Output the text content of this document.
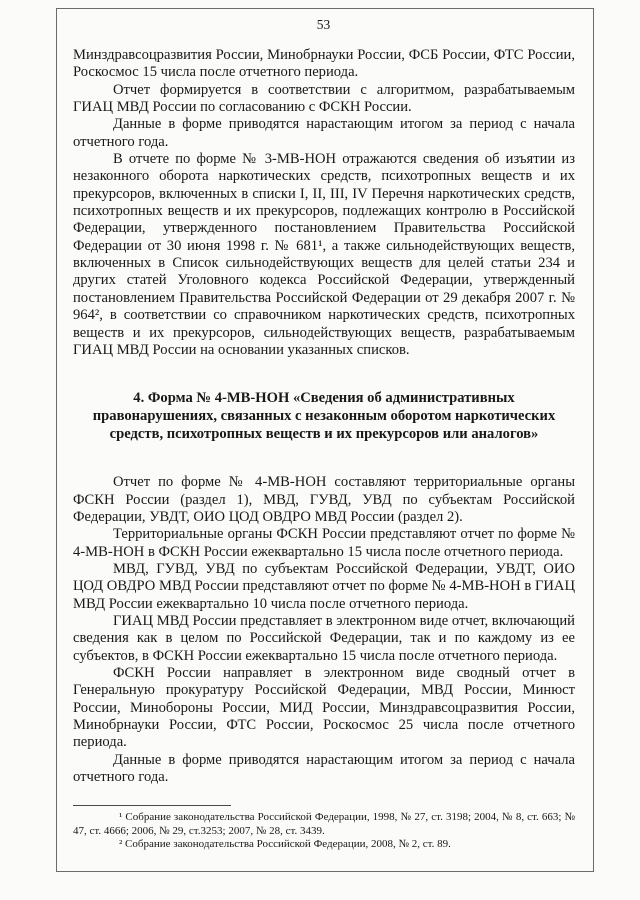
53

Минздравсоцразвития России, Минобрнауки России, ФСБ России, ФТС России, Роскосмос 15 числа после отчетного периода.

Отчет формируется в соответствии с алгоритмом, разрабатываемым ГИАЦ МВД России по согласованию с ФСКН России.

Данные в форме приводятся нарастающим итогом за период с начала отчетного года.

В отчете по форме № 3-МВ-НОН отражаются сведения об изъятии из незаконного оборота наркотических средств, психотропных веществ и их прекурсоров, включенных в списки I, II, III, IV Перечня наркотических средств, психотропных веществ и их прекурсоров, подлежащих контролю в Российской Федерации, утвержденного постановлением Правительства Российской Федерации от 30 июня 1998 г. № 681¹, а также сильнодействующих веществ, включенных в Список сильнодействующих веществ для целей статьи 234 и других статей Уголовного кодекса Российской Федерации, утвержденный постановлением Правительства Российской Федерации от 29 декабря 2007 г. № 964², в соответствии со справочником наркотических средств, психотропных веществ и их прекурсоров, сильнодействующих веществ, разрабатываемым ГИАЦ МВД России на основании указанных списков.

4. Форма № 4-МВ-НОН «Сведения об административных правонарушениях, связанных с незаконным оборотом наркотических средств, психотропных веществ и их прекурсоров или аналогов»

Отчет по форме № 4-МВ-НОН составляют территориальные органы ФСКН России (раздел 1), МВД, ГУВД, УВД по субъектам Российской Федерации, УВДТ, ОИО ЦОД ОВДРО МВД России (раздел 2).

Территориальные органы ФСКН России представляют отчет по форме № 4-МВ-НОН в ФСКН России ежеквартально 15 числа после отчетного периода.

МВД, ГУВД, УВД по субъектам Российской Федерации, УВДТ, ОИО ЦОД ОВДРО МВД России представляют отчет по форме № 4-МВ-НОН в ГИАЦ МВД России ежеквартально 10 числа после отчетного периода.

ГИАЦ МВД России представляет в электронном виде отчет, включающий сведения как в целом по Российской Федерации, так и по каждому из ее субъектов, в ФСКН России ежеквартально 15 числа после отчетного периода.

ФСКН России направляет в электронном виде сводный отчет в Генеральную прокуратуру Российской Федерации, МВД России, Минюст России, Минобороны России, МИД России, Минздравсоцразвития России, Минобрнауки России, ФТС России, Роскосмос 25 числа после отчетного периода.

Данные в форме приводятся нарастающим итогом за период с начала отчетного года.

¹ Собрание законодательства Российской Федерации, 1998, № 27, ст. 3198; 2004, № 8, ст. 663; № 47, ст. 4666; 2006, № 29, ст.3253; 2007, № 28, ст. 3439.

² Собрание законодательства Российской Федерации, 2008, № 2, ст. 89.
